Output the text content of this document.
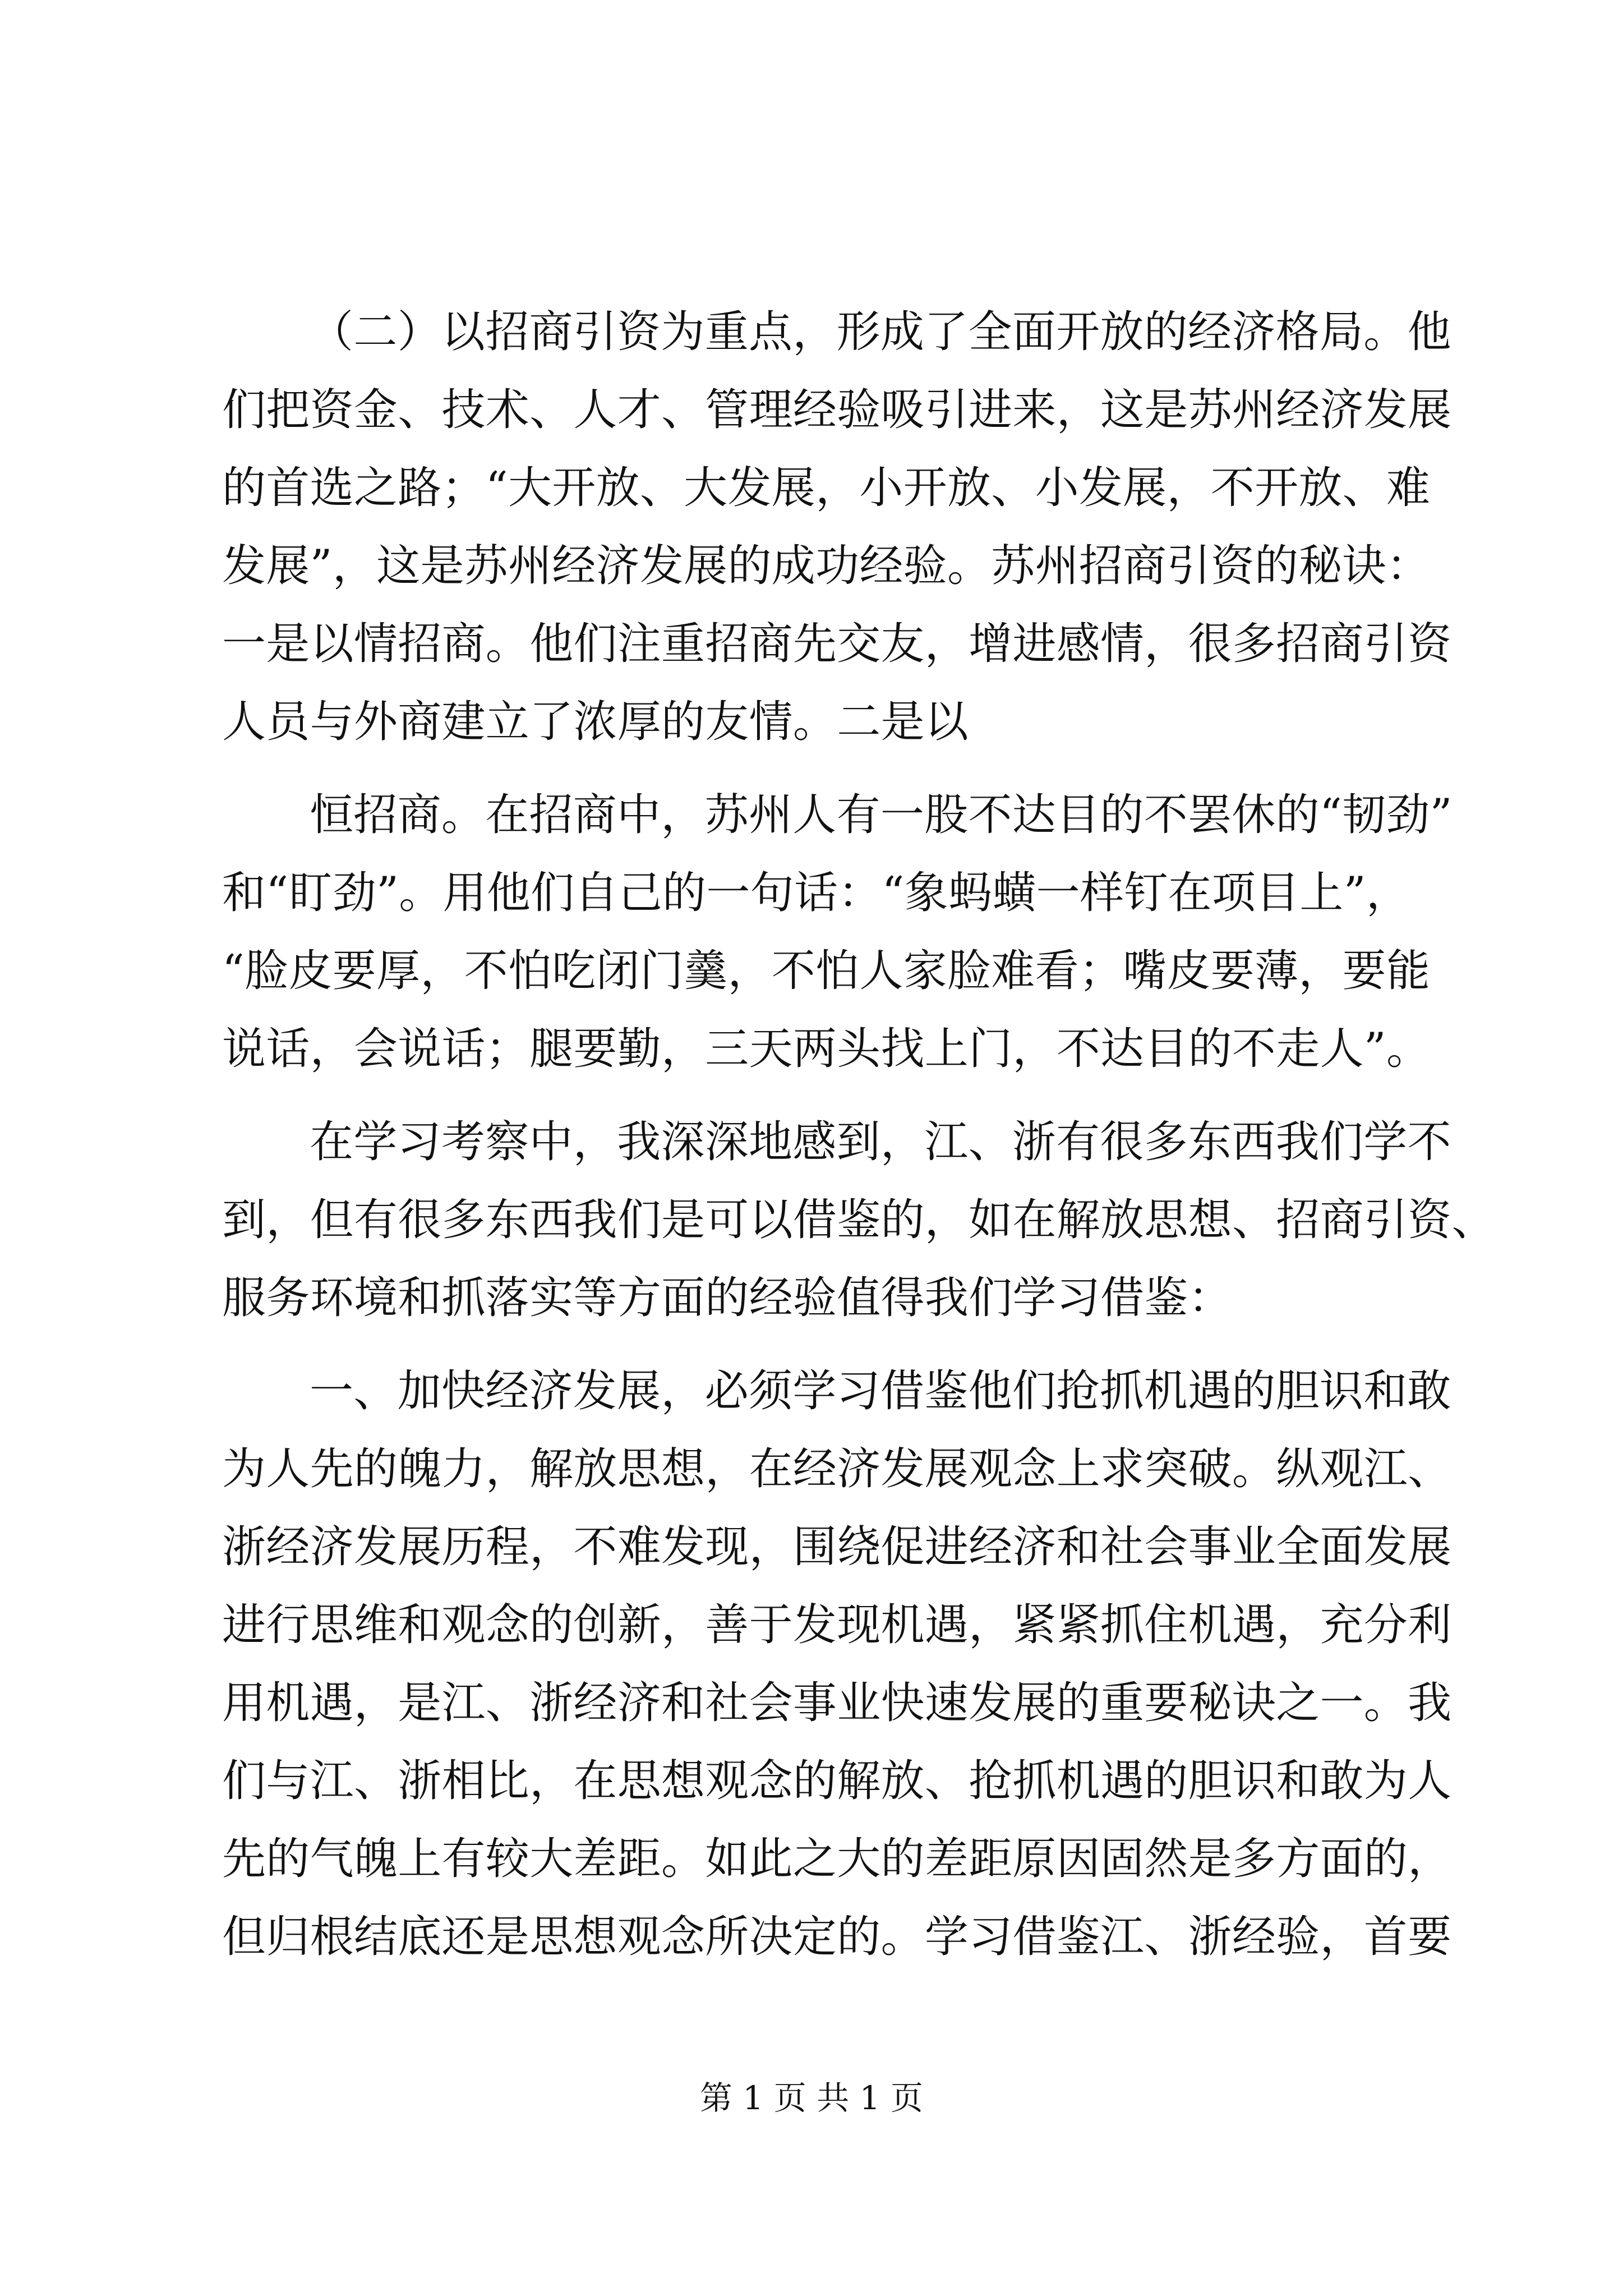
（二）以招商引资为重点，形成了全面开放的经济格局。他
们把资金、技术、人才、管理经验吸引进来，这是苏州经济发展
的首选之路；“大开放、大发展，小开放、小发展，不开放、难
发展”，这是苏州经济发展的成功经验。苏州招商引资的秘诀：
一是以情招商。他们注重招商先交友，增进感情，很多招商引资
人员与外商建立了浓厚的友情。二是以
恒招商。在招商中，苏州人有一股不达目的不罢休的“韧劲”
和“盯劲”。用他们自己的一句话：“象蚂蟥一样钉在项目上”，
“脸皮要厚，不怕吃闭门羹，不怕人家脸难看；嘴皮要薄，要能
说话，会说话；腿要勤，三天两头找上门，不达目的不走人”。
在学习考察中，我深深地感到，江、浙有很多东西我们学不
到，但有很多东西我们是可以借鉴的，如在解放思想、招商引资、
服务环境和抓落实等方面的经验值得我们学习借鉴：
一、加快经济发展，必须学习借鉴他们抢抓机遇的胆识和敢
为人先的魄力，解放思想，在经济发展观念上求突破。纵观江、
浙经济发展历程，不难发现，围绕促进经济和社会事业全面发展
进行思维和观念的创新，善于发现机遇，紧紧抓住机遇，充分利
用机遇，是江、浙经济和社会事业快速发展的重要秘诀之一。我
们与江、浙相比，在思想观念的解放、抢抓机遇的胆识和敢为人
先的气魄上有较大差距。如此之大的差距原因固然是多方面的，
但归根结底还是思想观念所决定的。学习借鉴江、浙经验，首要
第 1 页 共 1 页
